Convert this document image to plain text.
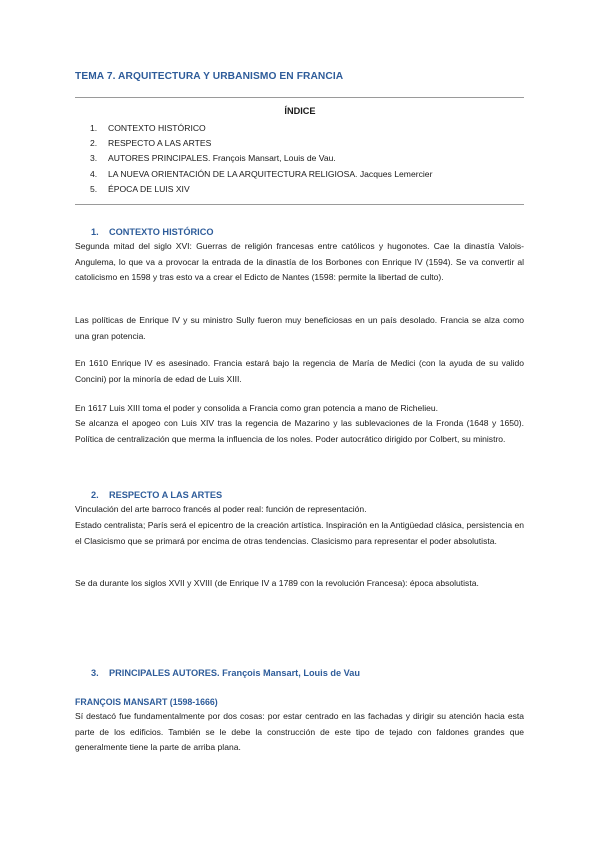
TEMA 7. ARQUITECTURA Y URBANISMO EN FRANCIA
ÍNDICE
1. CONTEXTO HISTÓRICO
2. RESPECTO A LAS ARTES
3. AUTORES PRINCIPALES. François Mansart, Louis de Vau.
4. LA NUEVA ORIENTACIÓN DE LA ARQUITECTURA RELIGIOSA. Jacques Lemercier
5. ÉPOCA DE LUIS XIV
1. CONTEXTO HISTÓRICO

Segunda mitad del siglo XVI: Guerras de religión francesas entre católicos y hugonotes. Cae la dinastía Valois-Angulema, lo que va a provocar la entrada de la dinastía de los Borbones con Enrique IV (1594). Se va convertir al catolicismo en 1598 y tras esto va a crear el Edicto de Nantes (1598: permite la libertad de culto).

Las políticas de Enrique IV y su ministro Sully fueron muy beneficiosas en un país desolado. Francia se alza como una gran potencia.

En 1610 Enrique IV es asesinado. Francia estará bajo la regencia de María de Medici (con la ayuda de su valido Concini) por la minoría de edad de Luis XIII.

En 1617 Luis XIII toma el poder y consolida a Francia como gran potencia a mano de Richelieu.

Se alcanza el apogeo con Luis XIV tras la regencia de Mazarino y las sublevaciones de la Fronda (1648 y 1650). Política de centralización que merma la influencia de los noles. Poder autocrático dirigido por Colbert, su ministro.

2. RESPECTO A LAS ARTES

Vinculación del arte barroco francés al poder real: función de representación.

Estado centralista; París será el epicentro de la creación artística. Inspiración en la Antigüedad clásica, persistencia en el Clasicismo que se primará por encima de otras tendencias. Clasicismo para representar el poder absolutista.

Se da durante los siglos XVII y XVIII (de Enrique IV a 1789 con la revolución Francesa): época absolutista.

3. PRINCIPALES AUTORES. François Mansart, Louis de Vau
FRANÇOIS MANSART (1598-1666)

Sí destacó fue fundamentalmente por dos cosas: por estar centrado en las fachadas y dirigir su atención hacia esta parte de los edificios. También se le debe la construcción de este tipo de tejado con faldones grandes que generalmente tiene la parte de arriba plana.
